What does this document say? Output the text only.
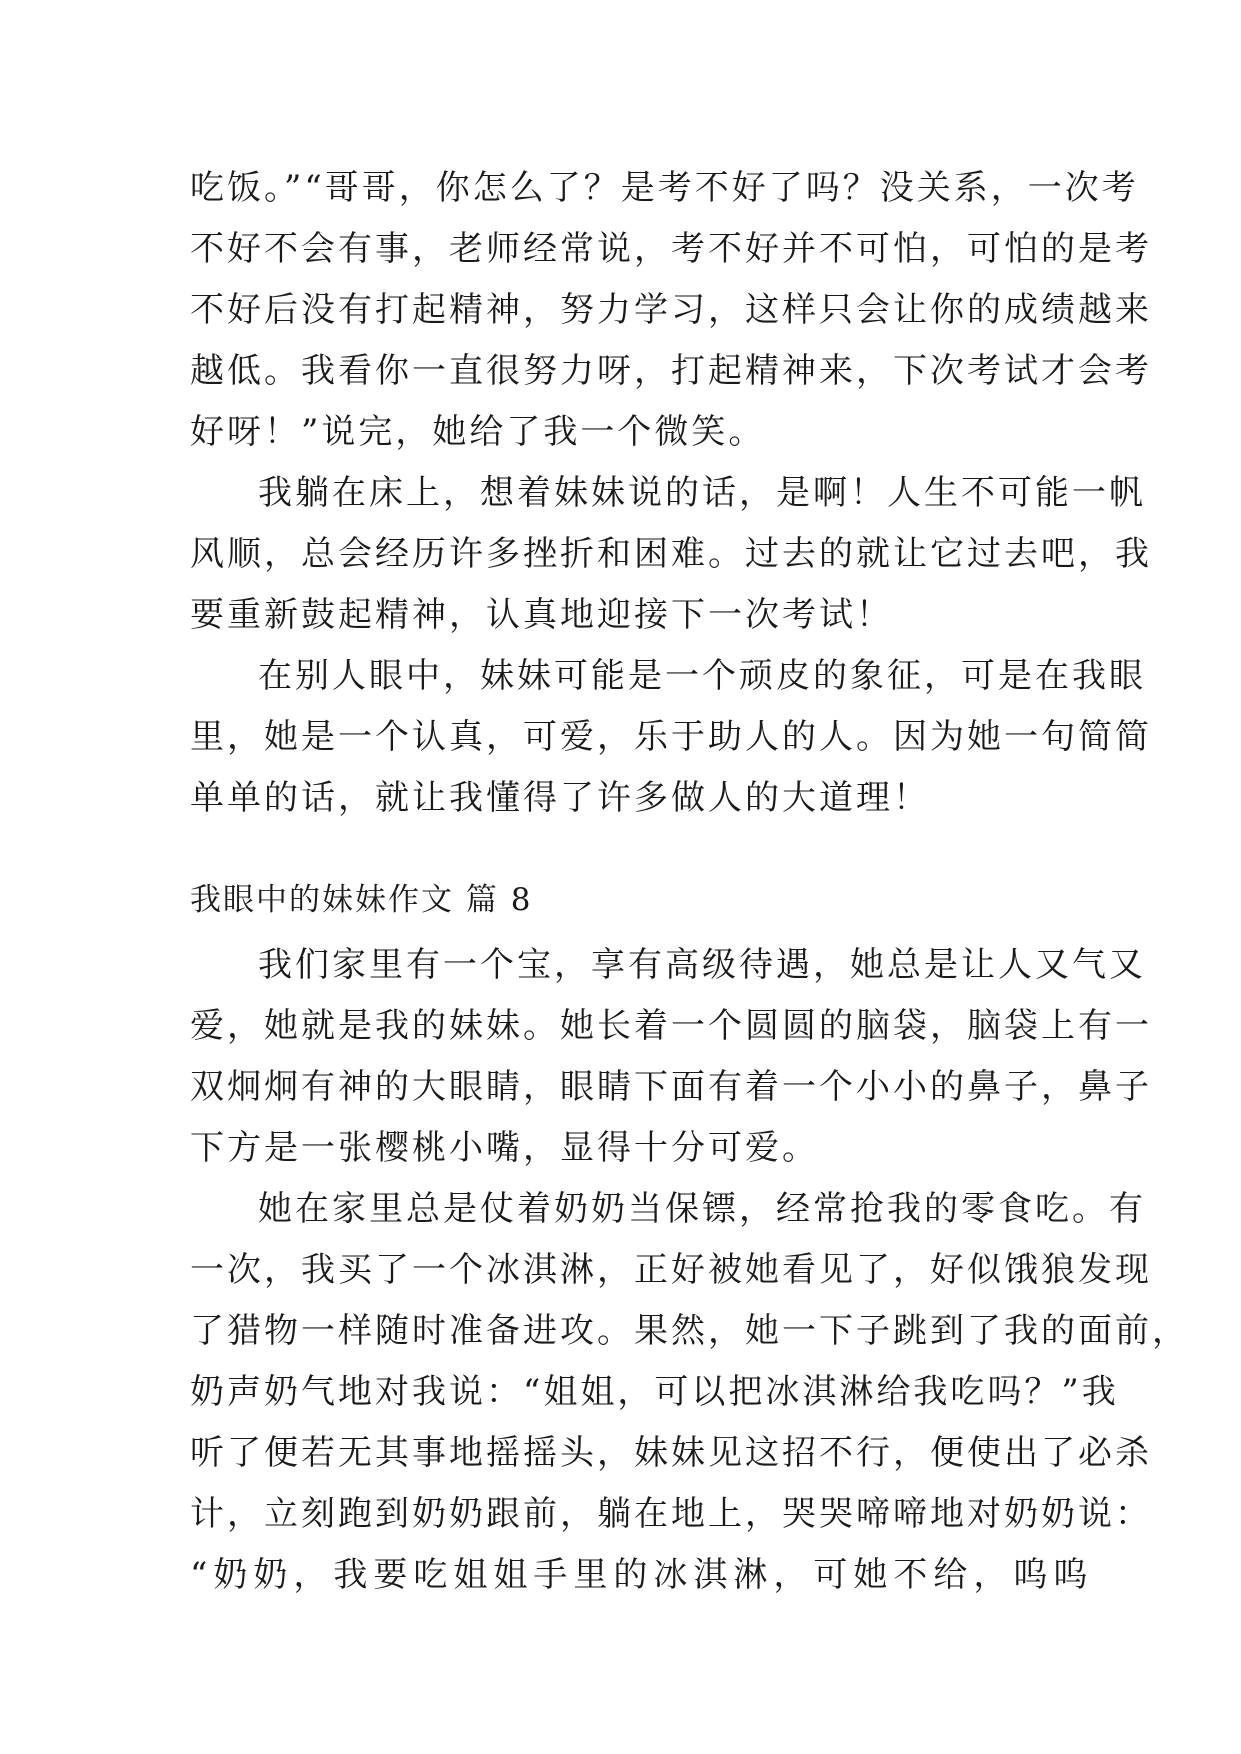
吃饭。”“哥哥，你怎么了？是考不好了吗？没关系，一次考
不好不会有事，老师经常说，考不好并不可怕，可怕的是考
不好后没有打起精神，努力学习，这样只会让你的成绩越来
越低。我看你一直很努力呀，打起精神来，下次考试才会考
好呀！”说完，她给了我一个微笑。
我躺在床上，想着妹妹说的话，是啊！人生不可能一帆
风顺，总会经历许多挫折和困难。过去的就让它过去吧，我
要重新鼓起精神，认真地迎接下一次考试！
在别人眼中，妹妹可能是一个顽皮的象征，可是在我眼
里，她是一个认真，可爱，乐于助人的人。因为她一句简简
单单的话，就让我懂得了许多做人的大道理！
我眼中的妹妹作文 篇 8
我们家里有一个宝，享有高级待遇，她总是让人又气又
爱，她就是我的妹妹。她长着一个圆圆的脑袋，脑袋上有一
双炯炯有神的大眼睛，眼睛下面有着一个小小的鼻子，鼻子
下方是一张樱桃小嘴，显得十分可爱。
她在家里总是仗着奶奶当保镖，经常抢我的零食吃。有
一次，我买了一个冰淇淋，正好被她看见了，好似饿狼发现
了猎物一样随时准备进攻。果然，她一下子跳到了我的面前，
奶声奶气地对我说：“姐姐，可以把冰淇淋给我吃吗？”我
听了便若无其事地摇摇头，妹妹见这招不行，便使出了必杀
计，立刻跑到奶奶跟前，躺在地上，哭哭啼啼地对奶奶说：
“奶奶，我要吃姐姐手里的冰淇淋，可她不给，呜呜
